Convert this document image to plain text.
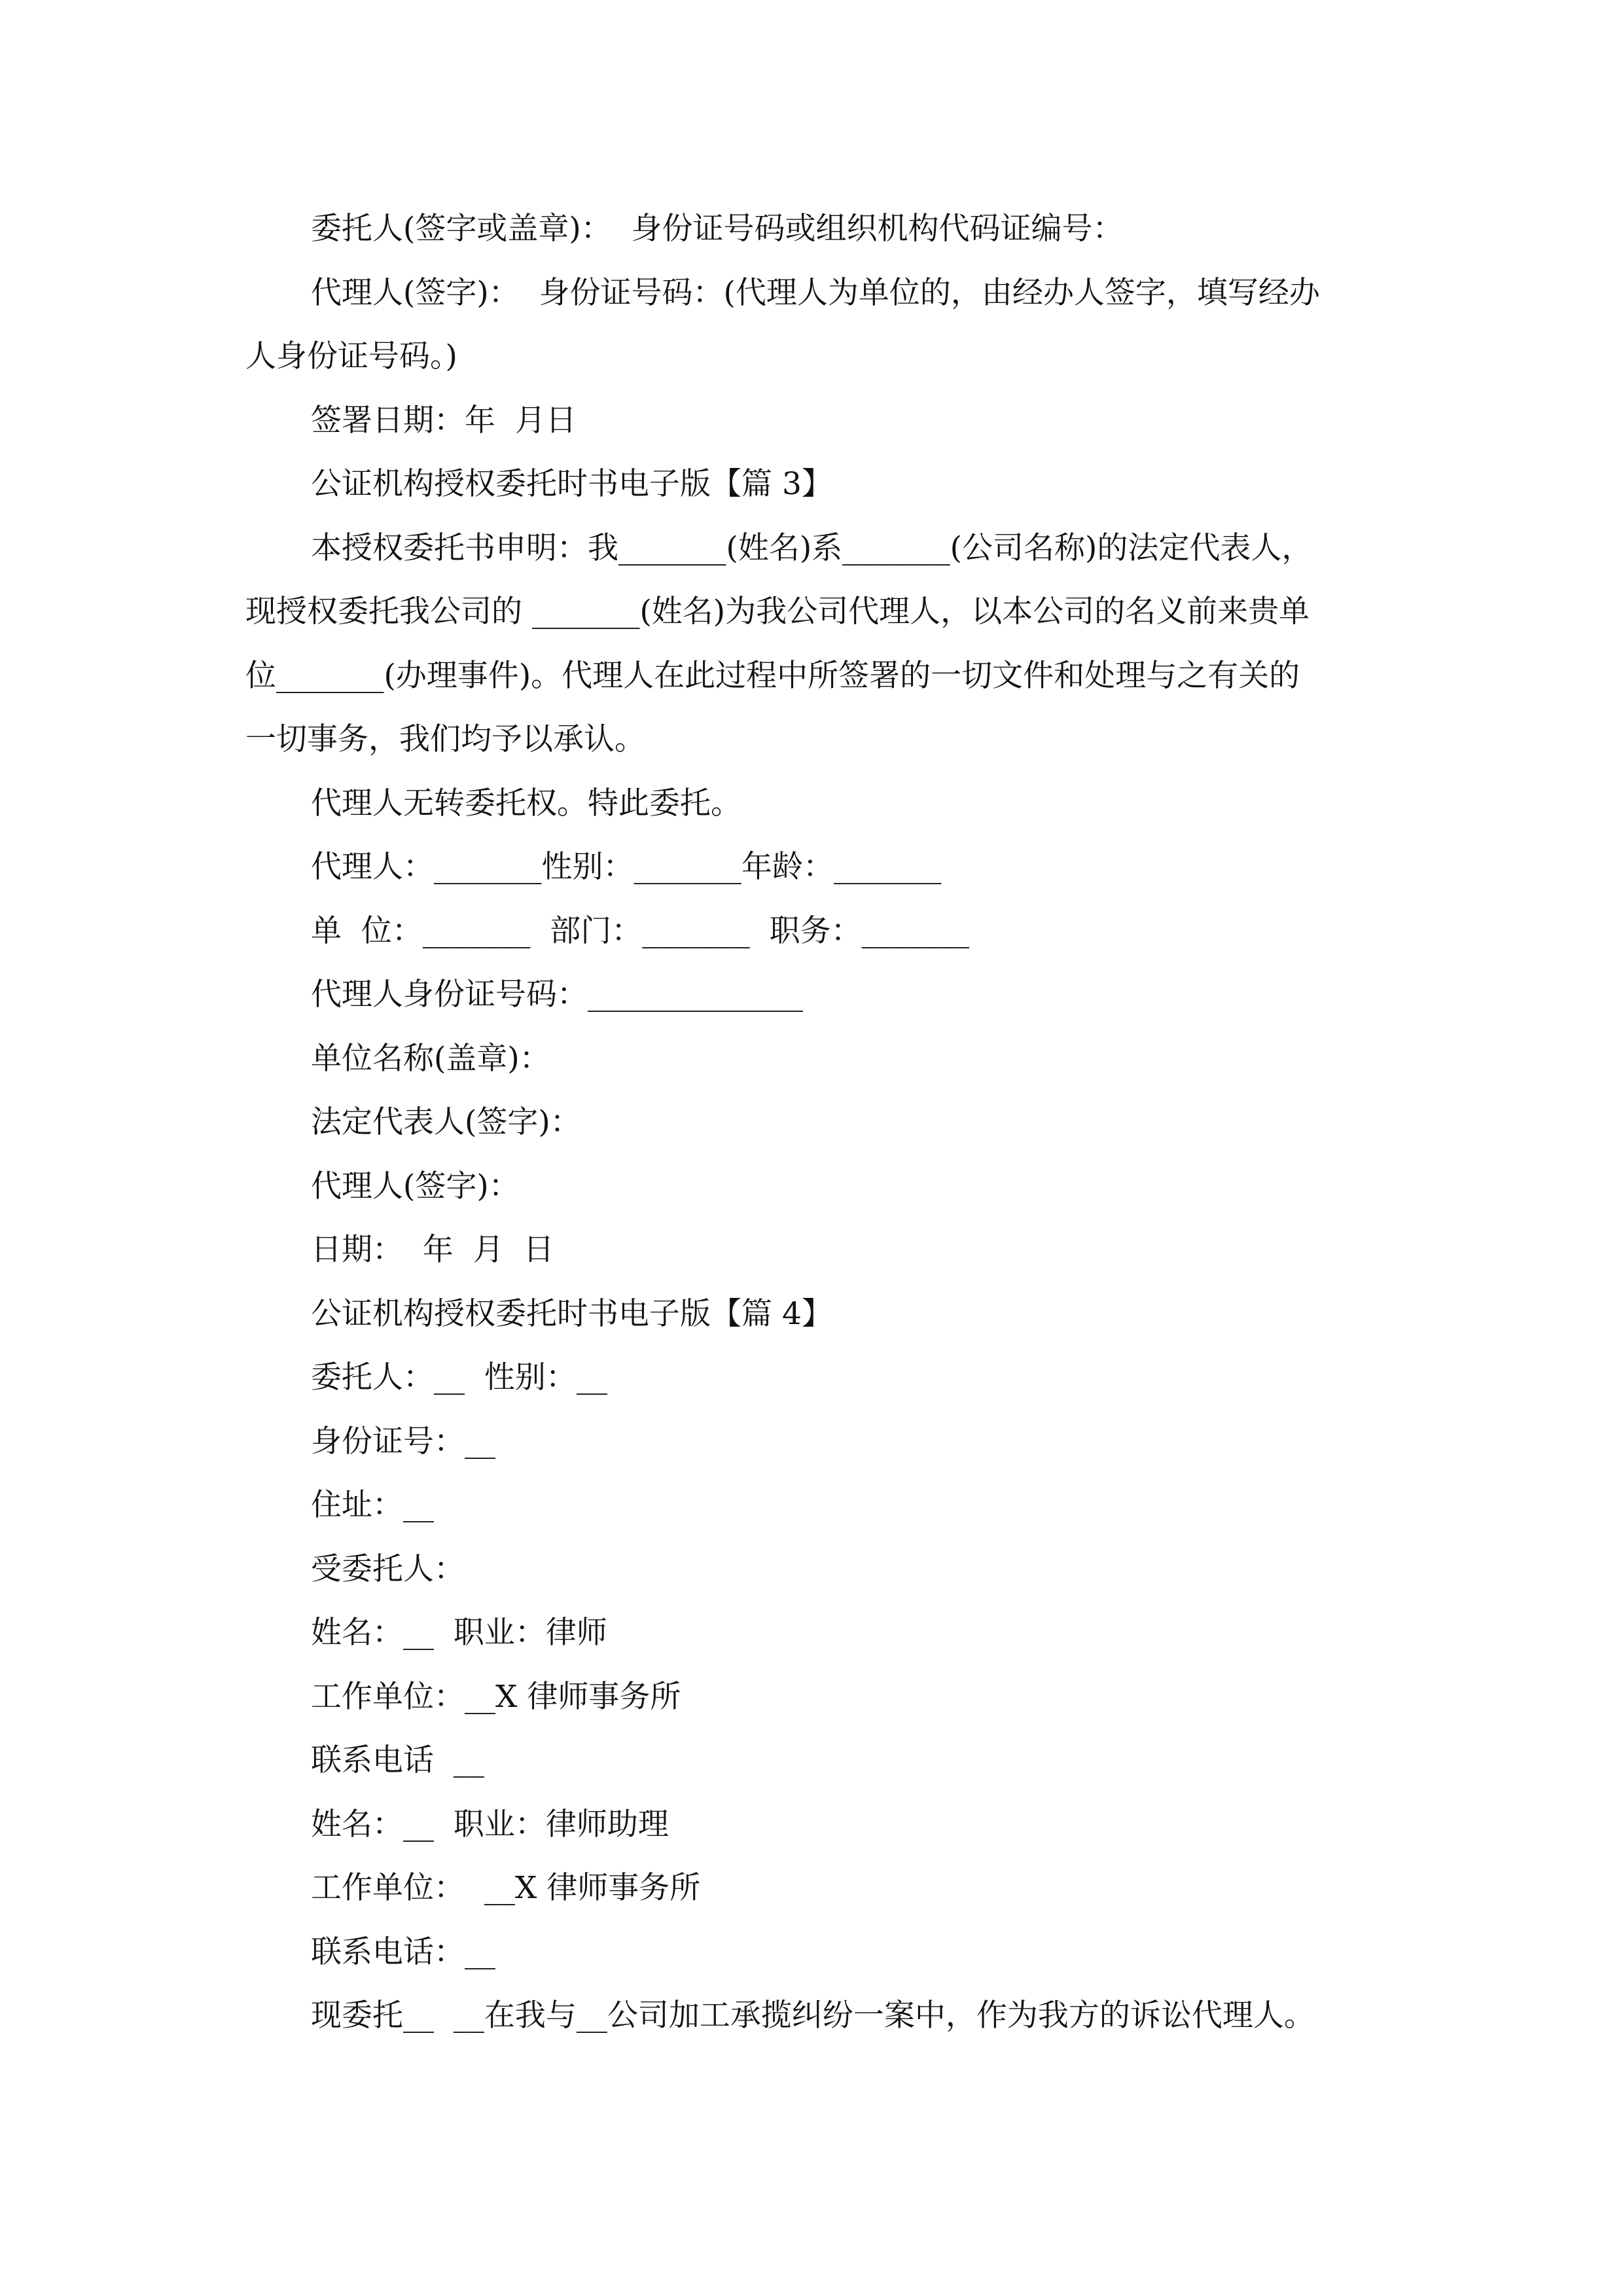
委托人(签字或盖章)：  身份证号码或组织机构代码证编号：
代理人(签字)：  身份证号码：(代理人为单位的，由经办人签字，填写经办
人身份证号码。)
签署日期：年  月日
公证机构授权委托时书电子版【篇 3】
本授权委托书申明：我_______(姓名)系_______(公司名称)的法定代表人，
现授权委托我公司的 _______(姓名)为我公司代理人，以本公司的名义前来贵单
位_______(办理事件)。代理人在此过程中所签署的一切文件和处理与之有关的
一切事务，我们均予以承认。
代理人无转委托权。特此委托。
代理人：_______性别：_______年龄：_______
单  位：_______  部门：_______  职务：_______
代理人身份证号码：______________
单位名称(盖章)：
法定代表人(签字)：
代理人(签字)：
日期：  年  月  日
公证机构授权委托时书电子版【篇 4】
委托人：__  性别：__
身份证号：__
住址：__
受委托人：
姓名：__  职业：律师
工作单位：__X 律师事务所
联系电话  __
姓名：__  职业：律师助理
工作单位：  __X 律师事务所
联系电话：__
现委托__  __在我与__公司加工承揽纠纷一案中，作为我方的诉讼代理人。
